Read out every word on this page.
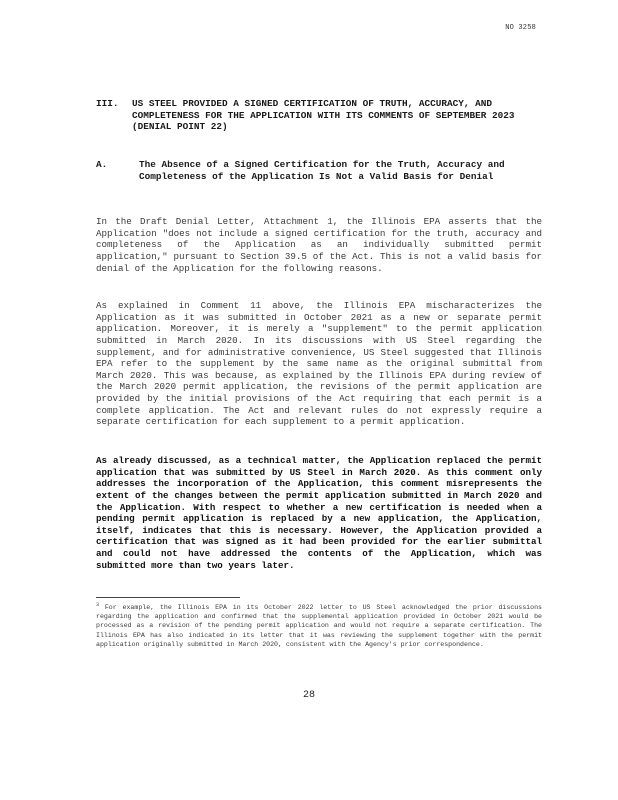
NO 3258
III. US STEEL PROVIDED A SIGNED CERTIFICATION OF TRUTH, ACCURACY, AND COMPLETENESS FOR THE APPLICATION WITH ITS COMMENTS OF SEPTEMBER 2023 (DENIAL POINT 22)
A.	The Absence of a Signed Certification for the Truth, Accuracy and Completeness of the Application Is Not a Valid Basis for Denial

In the Draft Denial Letter, Attachment 1, the Illinois EPA asserts that the Application "does not include a signed certification for the truth, accuracy and completeness of the Application as an individually submitted permit application," pursuant to Section 39.5 of the Act. This is not a valid basis for denial of the Application for the following reasons.

As explained in Comment 11 above, the Illinois EPA mischaracterizes the Application as it was submitted in October 2021 as a new or separate permit application. Moreover, it is merely a "supplement" to the permit application submitted in March 2020. In its discussions with US Steel regarding the supplement, and for administrative convenience, US Steel suggested that Illinois EPA refer to the supplement by the same name as the original submittal from March 2020. This was because, as explained by the Illinois EPA during review of the March 2020 permit application, the revisions of the permit application are provided by the initial provisions of the Act requiring that each permit is a complete application. The Act and relevant rules do not expressly require a separate certification for each supplement to a permit application.

As already discussed, as a technical matter, the Application replaced the permit application that was submitted by US Steel in March 2020. As this comment only addresses the incorporation of the Application, this comment misrepresents the extent of the changes between the permit application submitted in March 2020 and the Application. With respect to whether a new certification is needed when a pending permit application is replaced by a new application, the Application, itself, indicates that this is necessary. However, the Application provided a certification that was signed as it had been provided for the earlier submittal and could not have addressed the contents of the Application, which was submitted more than two years later.

$^3$ For example, the Illinois EPA in its October 2022 letter to US Steel acknowledged the prior discussions regarding the application and confirmed that the supplemental application provided in October 2021 would be processed as a revision of the pending permit application and would not require a separate certification. The Illinois EPA has also indicated in its letter that it was reviewing the supplement together with the permit application originally submitted in March 2020, consistent with the Agency's prior correspondence.
28
